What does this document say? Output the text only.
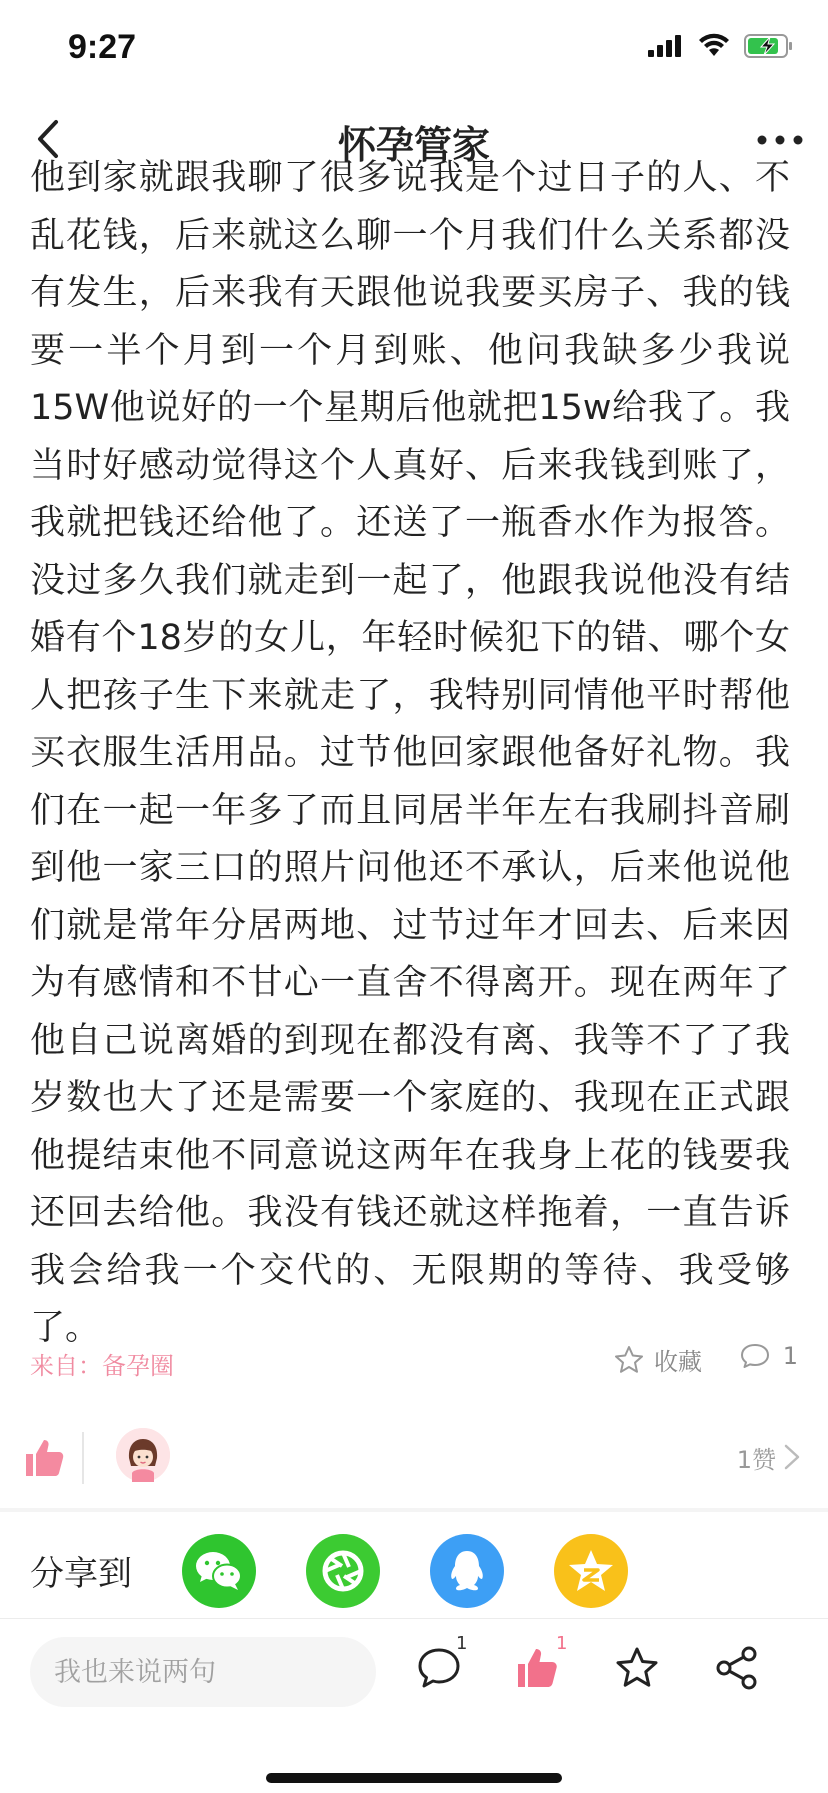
9:27
怀孕管家

他到家就跟我聊了很多说我是个过日子的人、不乱花钱，后来就这么聊一个月我们什么关系都没有发生，后来我有天跟他说我要买房子、我的钱要一半个月到一个月到账、他问我缺多少我说15W他说好的一个星期后他就把15w给我了。我当时好感动觉得这个人真好、后来我钱到账了，我就把钱还给他了。还送了一瓶香水作为报答。没过多久我们就走到一起了，他跟我说他没有结婚有个18岁的女儿，年轻时候犯下的错、哪个女人把孩子生下来就走了，我特别同情他平时帮他买衣服生活用品。过节他回家跟他备好礼物。我们在一起一年多了而且同居半年左右我刷抖音刷到他一家三口的照片问他还不承认，后来他说他们就是常年分居两地、过节过年才回去、后来因为有感情和不甘心一直舍不得离开。现在两年了他自己说离婚的到现在都没有离、我等不了了我岁数也大了还是需要一个家庭的、我现在正式跟他提结束他不同意说这两年在我身上花的钱要我还回去给他。我没有钱还就这样拖着，一直告诉我会给我一个交代的、无限期的等待、我受够了。

来自：备孕圈	收藏	1
1赞
分享到
我也来说两句
1	1
